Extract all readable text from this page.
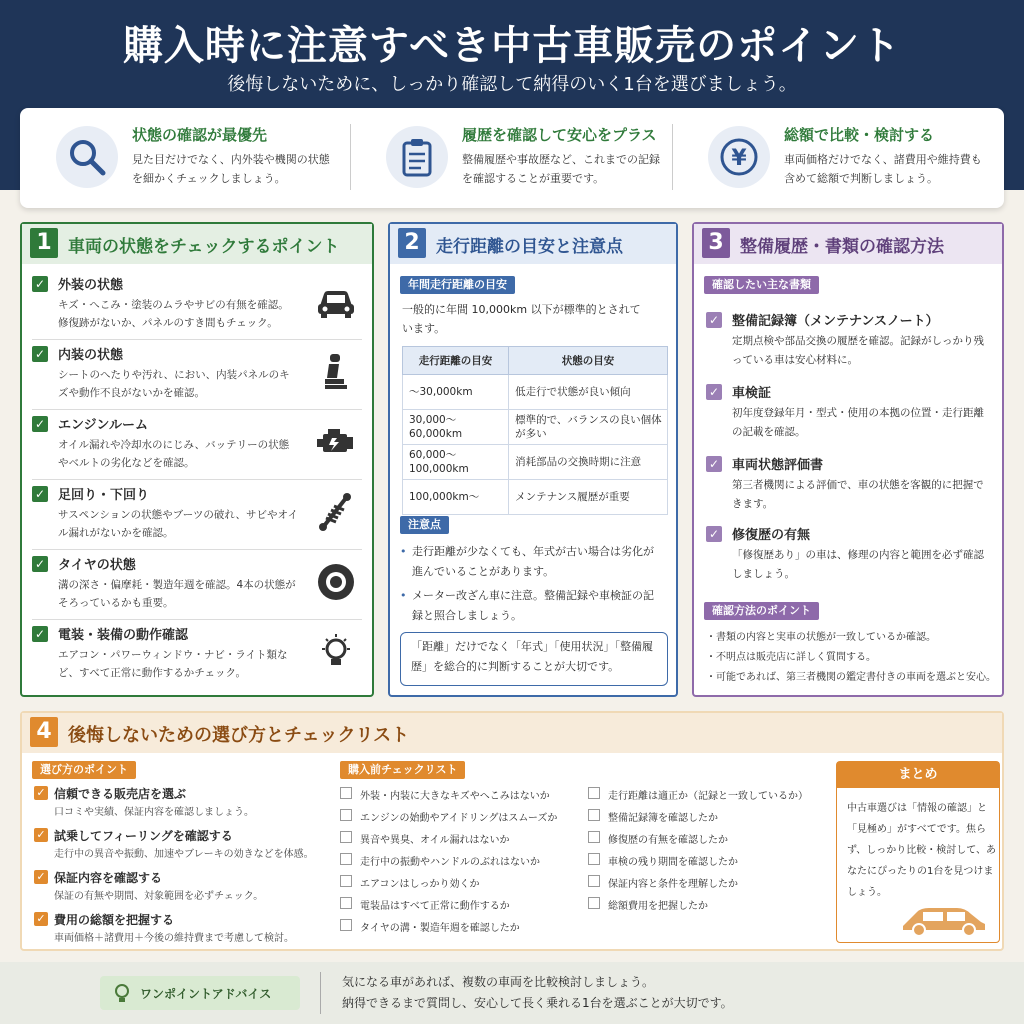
購入時に注意すべき中古車販売のポイント
後悔しないために、しっかり確認して納得のいく1台を選びましょう。
状態の確認が最優先
見た目だけでなく、内外装や機関の状態を細かくチェックしましょう。
履歴を確認して安心をプラス
整備履歴や事故歴など、これまでの記録を確認することが重要です。
¥
総額で比較・検討する
車両価格だけでなく、諸費用や維持費も含めて総額で判断しましょう。
1 車両の状態をチェックするポイント
✓ 外装の状態
キズ・へこみ・塗装のムラやサビの有無を確認。修復跡がないか、パネルのすき間もチェック。
✓ 内装の状態
シートのへたりや汚れ、におい、内装パネルのキズや動作不良がないかを確認。
✓ エンジンルーム
オイル漏れや冷却水のにじみ、バッテリーの状態やベルトの劣化などを確認。
✓ 足回り・下回り
サスペンションの状態やブーツの破れ、サビやオイル漏れがないかを確認。
✓ タイヤの状態
溝の深さ・偏摩耗・製造年週を確認。4本の状態がそろっているかも重要。
✓ 電装・装備の動作確認
エアコン・パワーウィンドウ・ナビ・ライト類など、すべて正常に動作するかチェック。
2 走行距離の目安と注意点
年間走行距離の目安
一般的に年間 10,000km 以下が標準的とされています。
走行距離の目安	状態の目安
～30,000km	低走行で状態が良い傾向
30,000～60,000km	標準的で、バランスの良い個体が多い
60,000～100,000km	消耗部品の交換時期に注意
100,000km～	メンテナンス履歴が重要
注意点
• 走行距離が少なくても、年式が古い場合は劣化が進んでいることがあります。
• メーター改ざん車に注意。整備記録や車検証の記録と照合しましょう。
「距離」だけでなく「年式」「使用状況」「整備履歴」を総合的に判断することが大切です。
3 整備履歴・書類の確認方法
確認したい主な書類
✓ 整備記録簿（メンテナンスノート）
定期点検や部品交換の履歴を確認。記録がしっかり残っている車は安心材料に。
✓ 車検証
初年度登録年月・型式・使用の本拠の位置・走行距離の記載を確認。
✓ 車両状態評価書
第三者機関による評価で、車の状態を客観的に把握できます。
✓ 修復歴の有無
「修復歴あり」の車は、修理の内容と範囲を必ず確認しましょう。
確認方法のポイント
・書類の内容と実車の状態が一致しているか確認。
・不明点は販売店に詳しく質問する。
・可能であれば、第三者機関の鑑定書付きの車両を選ぶと安心。
4 後悔しないための選び方とチェックリスト
選び方のポイント
✓ 信頼できる販売店を選ぶ
口コミや実績、保証内容を確認しましょう。
✓ 試乗してフィーリングを確認する
走行中の異音や振動、加速やブレーキの効きなどを体感。
✓ 保証内容を確認する
保証の有無や期間、対象範囲を必ずチェック。
✓ 費用の総額を把握する
車両価格＋諸費用＋今後の維持費まで考慮して検討。
購入前チェックリスト
外装・内装に大きなキズやへこみはないか
エンジンの始動やアイドリングはスムーズか
異音や異臭、オイル漏れはないか
走行中の振動やハンドルのぶれはないか
エアコンはしっかり効くか
電装品はすべて正常に動作するか
タイヤの溝・製造年週を確認したか
走行距離は適正か（記録と一致しているか）
整備記録簿を確認したか
修復歴の有無を確認したか
車検の残り期間を確認したか
保証内容と条件を理解したか
総額費用を把握したか
まとめ
中古車選びは「情報の確認」と「見極め」がすべてです。焦らず、しっかり比較・検討して、あなたにぴったりの1台を見つけましょう。
ワンポイントアドバイス
気になる車があれば、複数の車両を比較検討しましょう。
納得できるまで質問し、安心して長く乗れる1台を選ぶことが大切です。
